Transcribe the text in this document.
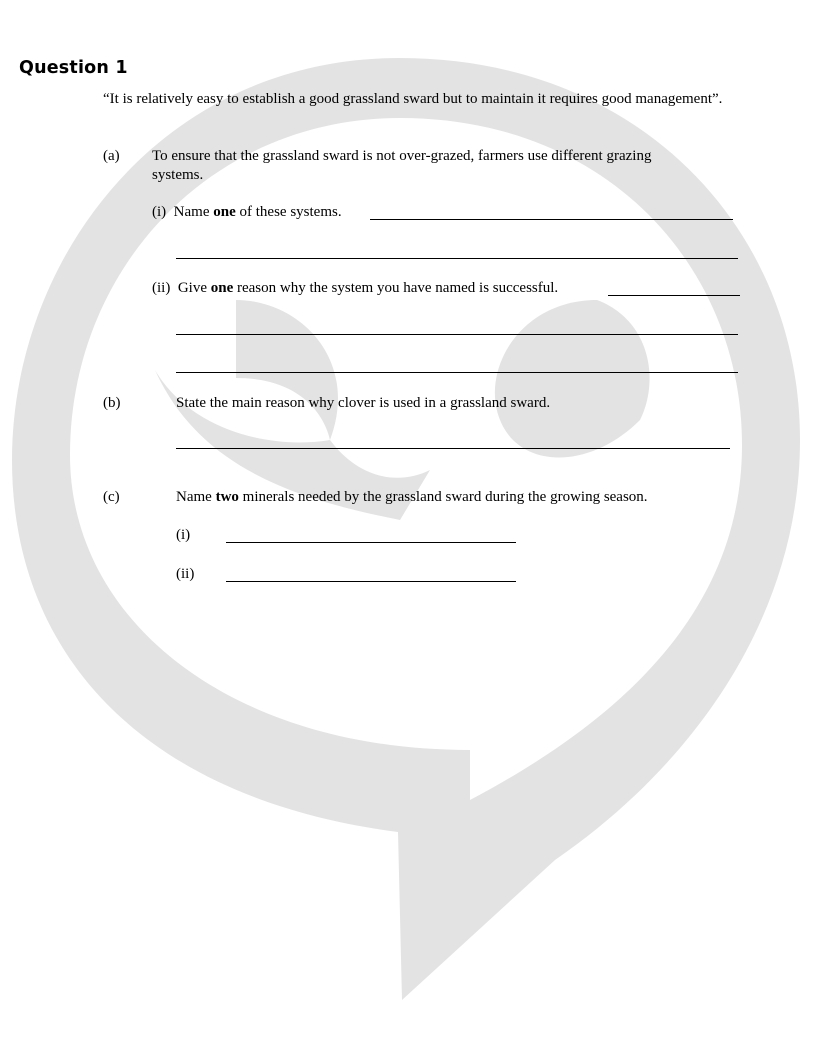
Question 1
“It is relatively easy to establish a good grassland sward but to maintain it requires good management”.
(a) To ensure that the grassland sward is not over-grazed, farmers use different grazing
systems.
(i) Name one of these systems.
(ii) Give one reason why the system you have named is successful.
(b)	State the main reason why clover is used in a grassland sward.
(c)	Name two minerals needed by the grassland sward during the growing season.
(i)
(ii)
